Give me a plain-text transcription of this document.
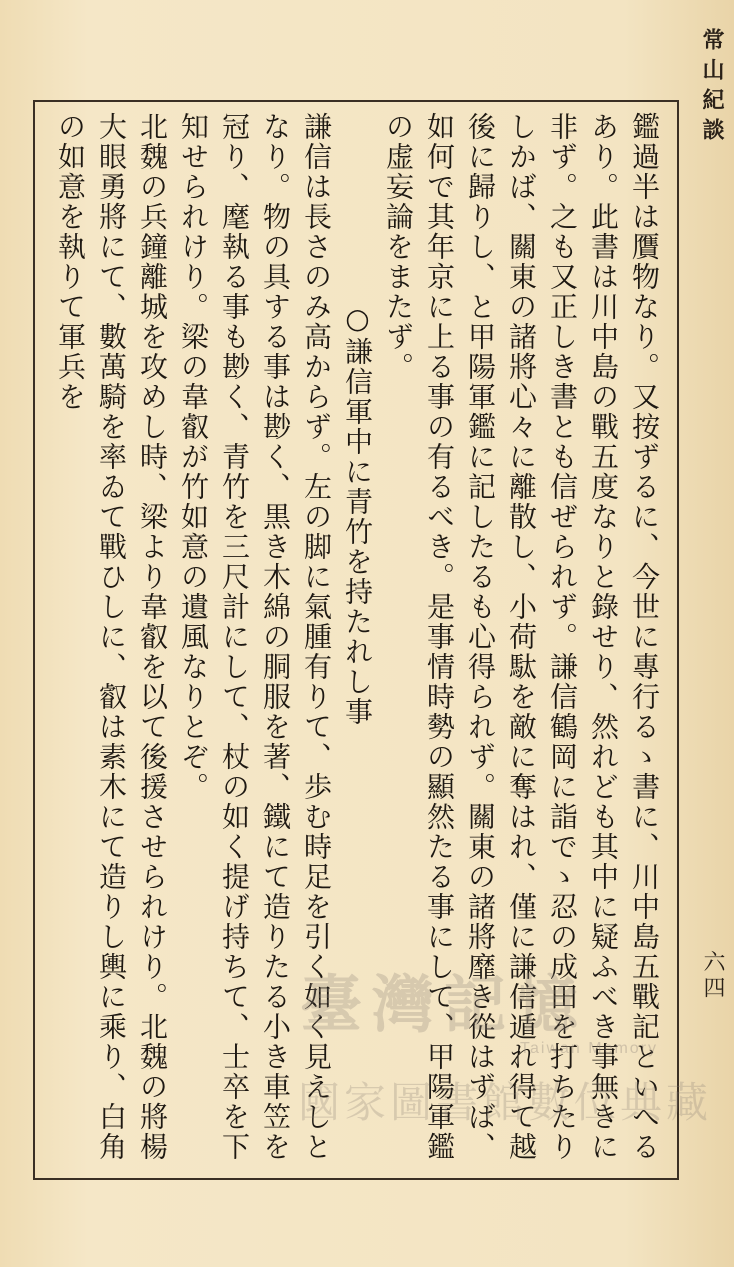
常山紀談
六四

鑑過半は贋物なり。又按ずるに、今世に專行るゝ書に、川中島五戰記といへるあり。此書は川中島の戰五度なりと錄せり、然れども其中に疑ふべき事無きに非ず。之も又正しき書とも信ぜられず。謙信鶴岡に詣でゝ忍の成田を打ちたりしかば、關東の諸將心々に離散し、小荷駄を敵に奪はれ、僅に謙信遁れ得て越後に歸りし、と甲陽軍鑑に記したるも心得られず。關東の諸將靡き從はずば、如何で其年京に上る事の有るべき。是事情時勢の顯然たる事にして、甲陽軍鑑の虚妄論をまたず。

○謙信軍中に青竹を持たれし事

謙信は長さのみ高からず。左の脚に氣腫有りて、歩む時足を引く如く見えしとなり。物の具する事は尠く、黒き木綿の胴服を著、鐵にて造りたる小き車笠を冠り、麾執る事も尠く、青竹を三尺計にして、杖の如く提げ持ちて、士卒を下知せられけり。梁の韋叡が竹如意の遺風なりとぞ。

北魏の兵鐘離城を攻めし時、梁より韋叡を以て後援させられけり。北魏の將楊大眼勇將にて、數萬騎を率ゐて戰ひしに、叡は素木にて造りし輿に乘り、白角の如意を執りて軍兵を

臺灣記憶
Taiwan Memory
國家圖書館數位典藏
